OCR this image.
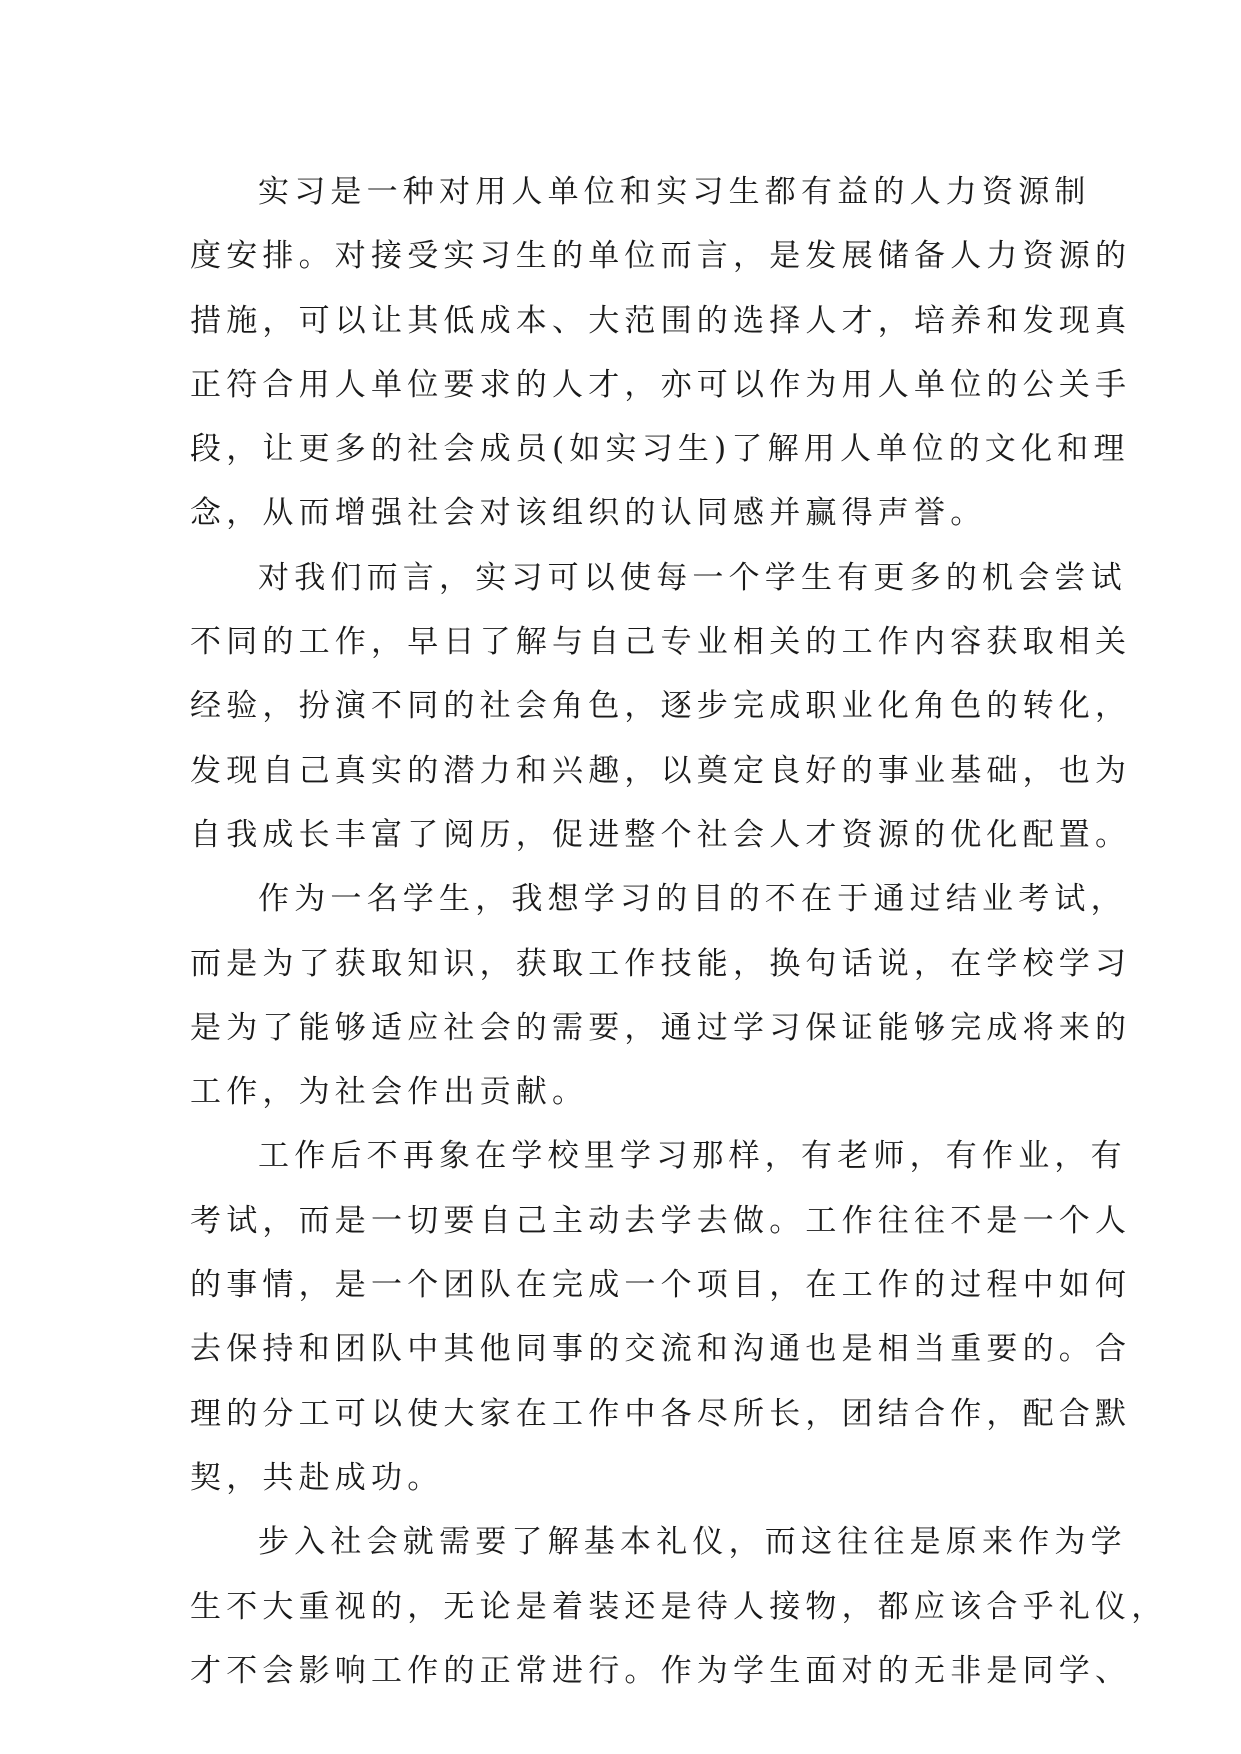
实习是一种对用人单位和实习生都有益的人力资源制
度安排。对接受实习生的单位而言，是发展储备人力资源的
措施，可以让其低成本、大范围的选择人才，培养和发现真
正符合用人单位要求的人才，亦可以作为用人单位的公关手
段，让更多的社会成员(如实习生)了解用人单位的文化和理
念，从而增强社会对该组织的认同感并赢得声誉。
对我们而言，实习可以使每一个学生有更多的机会尝试
不同的工作，早日了解与自己专业相关的工作内容获取相关
经验，扮演不同的社会角色，逐步完成职业化角色的转化，
发现自己真实的潜力和兴趣，以奠定良好的事业基础，也为
自我成长丰富了阅历，促进整个社会人才资源的优化配置。
作为一名学生，我想学习的目的不在于通过结业考试，
而是为了获取知识，获取工作技能，换句话说，在学校学习
是为了能够适应社会的需要，通过学习保证能够完成将来的
工作，为社会作出贡献。
工作后不再象在学校里学习那样，有老师，有作业，有
考试，而是一切要自己主动去学去做。工作往往不是一个人
的事情，是一个团队在完成一个项目，在工作的过程中如何
去保持和团队中其他同事的交流和沟通也是相当重要的。合
理的分工可以使大家在工作中各尽所长，团结合作，配合默
契，共赴成功。
步入社会就需要了解基本礼仪，而这往往是原来作为学
生不大重视的，无论是着装还是待人接物，都应该合乎礼仪，
才不会影响工作的正常进行。作为学生面对的无非是同学、
